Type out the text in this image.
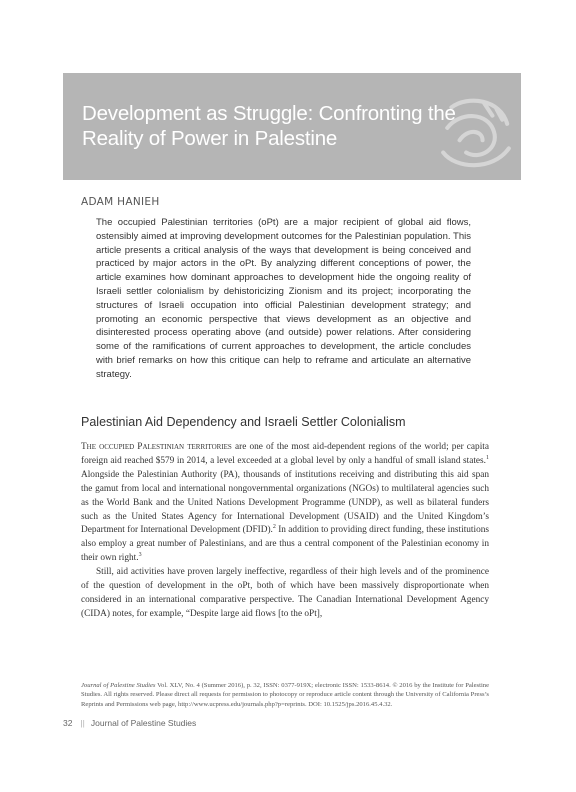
Development as Struggle: Confronting the Reality of Power in Palestine

ADAM HANIEH

The occupied Palestinian territories (oPt) are a major recipient of global aid flows, ostensibly aimed at improving development outcomes for the Palestinian population. This article presents a critical analysis of the ways that development is being conceived and practiced by major actors in the oPt. By analyzing different conceptions of power, the article examines how dominant approaches to development hide the ongoing reality of Israeli settler colonialism by dehistoricizing Zionism and its project; incorporating the structures of Israeli occupation into official Palestinian development strategy; and promoting an economic perspective that views development as an objective and disinterested process operating above (and outside) power relations. After considering some of the ramifications of current approaches to development, the article concludes with brief remarks on how this critique can help to reframe and articulate an alternative strategy.

Palestinian Aid Dependency and Israeli Settler Colonialism

The occupied Palestinian territories are one of the most aid-dependent regions of the world; per capita foreign aid reached $579 in 2014, a level exceeded at a global level by only a handful of small island states.$^1$ Alongside the Palestinian Authority (PA), thousands of institutions receiving and distributing this aid span the gamut from local and international nongovernmental organizations (NGOs) to multilateral agencies such as the World Bank and the United Nations Development Programme (UNDP), as well as bilateral funders such as the United States Agency for International Development (USAID) and the United Kingdom’s Department for International Development (DFID).$^2$ In addition to providing direct funding, these institutions also employ a great number of Palestinians, and are thus a central component of the Palestinian economy in their own right.$^3$

Still, aid activities have proven largely ineffective, regardless of their high levels and of the prominence of the question of development in the oPt, both of which have been massively disproportionate when considered in an international comparative perspective. The Canadian International Development Agency (CIDA) notes, for example, “Despite large aid flows [to the oPt],

Journal of Palestine Studies Vol. XLV, No. 4 (Summer 2016), p. 32, ISSN: 0377-919X; electronic ISSN: 1533-8614. © 2016 by the Institute for Palestine Studies. All rights reserved. Please direct all requests for permission to photocopy or reproduce article content through the University of California Press’s Reprints and Permissions web page, http://www.ucpress.edu/journals.php?p=reprints. DOI: 10.1525/jps.2016.45.4.32.

32 || Journal of Palestine Studies
